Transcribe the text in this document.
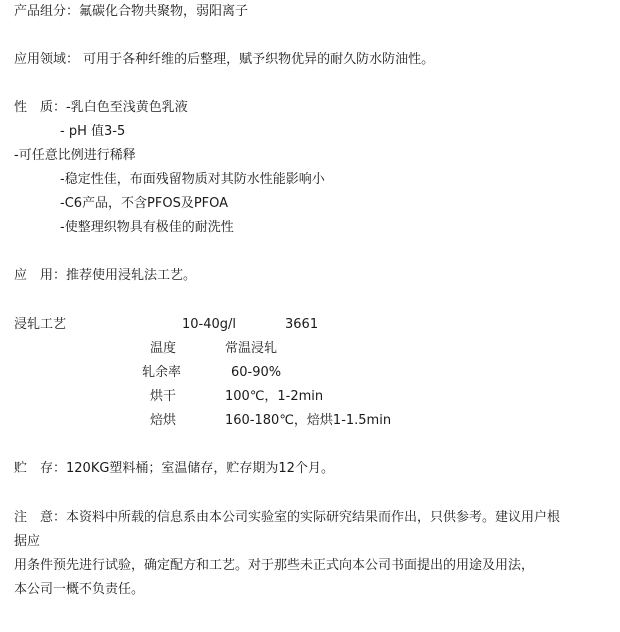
产品组分：氟碳化合物共聚物，弱阳离子
应用领域： 可用于各种纤维的后整理，赋予织物优异的耐久防水防油性。
性　质：-乳白色至浅黄色乳液
- pH 值3-5
-可任意比例进行稀释
-稳定性佳，布面残留物质对其防水性能影响小
-C6产品，不含PFOS及PFOA
-使整理织物具有极佳的耐洗性
应　用：推荐使用浸轧法工艺。
浸轧工艺	10-40g/l	3661
温度	常温浸轧
轧余率	60-90%
烘干	100℃，1-2min
焙烘	160-180℃，焙烘1-1.5min
贮　存：120KG塑料桶；室温储存，贮存期为12个月。
注　意：本资料中所载的信息系由本公司实验室的实际研究结果而作出，只供参考。建议用户根
据应
用条件预先进行试验，确定配方和工艺。对于那些未正式向本公司书面提出的用途及用法，
本公司一概不负责任。
